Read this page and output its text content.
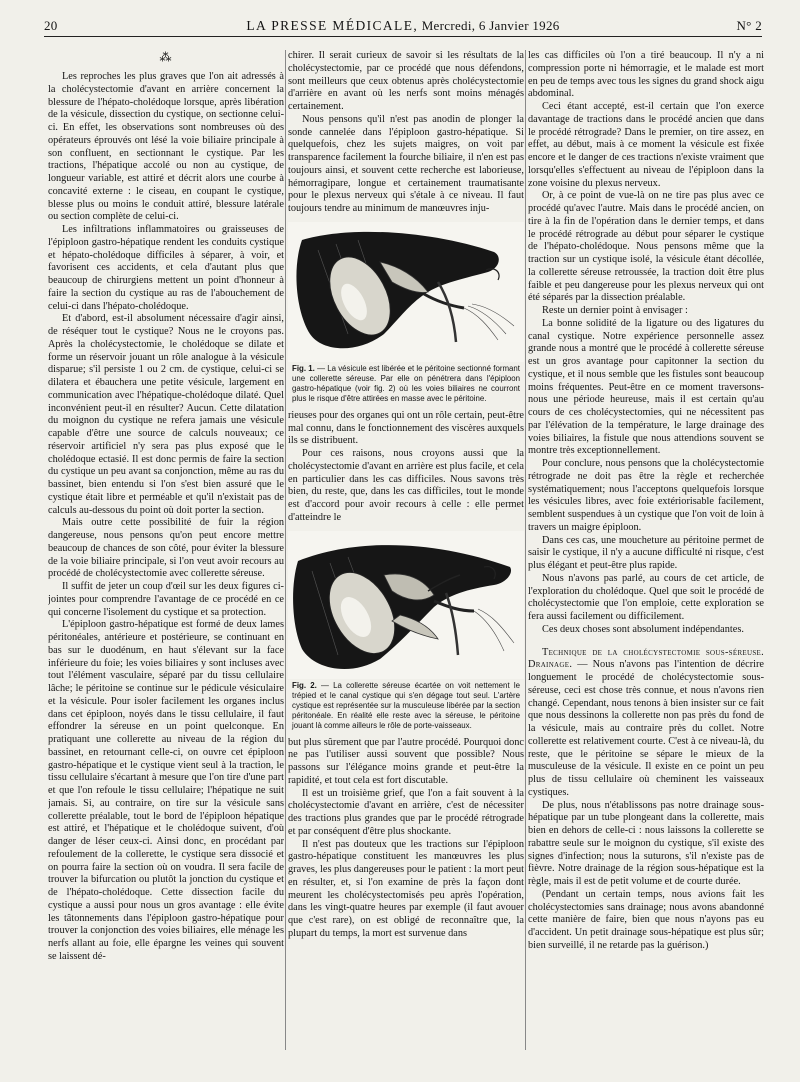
20	LA PRESSE MÉDICALE, Mercredi, 6 Janvier 1926	N° 2
⁂

Les reproches les plus graves que l'on ait adressés à la cholécystectomie d'avant en arrière concernent la blessure de l'hépato-cholédoque lorsque, après libération de la vésicule, dissection du cystique, on sectionne celui-ci. En effet, les observations sont nombreuses où des opérateurs éprouvés ont lésé la voie biliaire principale à son confluent, en sectionnant le cystique. Par les tractions, l'hépatique accolé ou non au cystique, de longueur variable, est attiré et décrit alors une courbe à concavité externe : le ciseau, en coupant le cystique, blesse plus ou moins le conduit attiré, blessure latérale ou section complète de celui-ci.

Les infiltrations inflammatoires ou graisseuses de l'épiploon gastro-hépatique rendent les conduits cystique et hépato-cholédoque difficiles à séparer, à voir, et favorisent ces accidents, et cela d'autant plus que beaucoup de chirurgiens mettent un point d'honneur à faire la section du cystique au ras de l'abouchement de celui-ci dans l'hépato-cholédoque.

Et d'abord, est-il absolument nécessaire d'agir ainsi, de réséquer tout le cystique? Nous ne le croyons pas. Après la cholécystectomie, le cholédoque se dilate et forme un réservoir jouant un rôle analogue à la vésicule disparue; s'il persiste 1 ou 2 cm. de cystique, celui-ci se dilatera et ébauchera une petite vésicule, largement en communication avec l'hépatique-cholédoque dilaté. Quel inconvénient peut-il en résulter? Aucun. Cette dilatation du moignon du cystique ne refera jamais une vésicule capable d'être une source de calculs nouveaux; ce réservoir artificiel n'y sera pas plus exposé que le cholédoque ectasié. Il est donc permis de faire la section du cystique un peu avant sa conjonction, même au ras du bassinet, bien entendu si l'on s'est bien assuré que le cystique était libre et perméable et qu'il n'existait pas de calculs au-dessous du point où doit porter la section.

Mais outre cette possibilité de fuir la région dangereuse, nous pensons qu'on peut encore mettre beaucoup de chances de son côté, pour éviter la blessure de la voie biliaire principale, si l'on veut avoir recours au procédé de cholécystectomie avec collerette séreuse.

Il suffit de jeter un coup d'œil sur les deux figures ci-jointes pour comprendre l'avantage de ce procédé en ce qui concerne l'isolement du cystique et sa protection.

L'épiploon gastro-hépatique est formé de deux lames péritonéales, antérieure et postérieure, se continuant en bas sur le duodénum, en haut s'élevant sur la face inférieure du foie; les voies biliaires y sont incluses avec tout l'élément vasculaire, séparé par du tissu cellulaire lâche; le péritoine se continue sur le pédicule vésiculaire et la vésicule. Pour isoler facilement les organes inclus dans cet épiploon, noyés dans le tissu cellulaire, il faut effondrer la séreuse en un point quelconque. En pratiquant une collerette au niveau de la région du bassinet, en retournant celle-ci, on ouvre cet épiploon gastro-hépatique et le cystique vient seul à la traction, le tissu cellulaire s'écartant à mesure que l'on tire d'une part et que l'on refoule le tissu cellulaire; l'hépatique ne suit jamais. Si, au contraire, on tire sur la vésicule sans collerette préalable, tout le bord de l'épiploon hépatique est attiré, et l'hépatique et le cholédoque suivent, d'où danger de léser ceux-ci. Ainsi donc, en procédant par refoulement de la collerette, le cystique sera dissocié et on pourra faire la section où on voudra. Il sera facile de trouver la bifurcation ou plutôt la jonction du cystique et de l'hépato-cholédoque. Cette dissection facile du cystique a aussi pour nous un gros avantage : elle évite les tâtonnements dans l'épiploon gastro-hépatique pour trouver la conjonction des voies biliaires, elle ménage les nerfs allant au foie, elle épargne les veines qui souvent se laissent dé-

chirer. Il serait curieux de savoir si les résultats de la cholécystectomie, par ce procédé que nous défendons, sont meilleurs que ceux obtenus après cholécystectomie d'arrière en avant où les nerfs sont moins ménagés certainement.

Nous pensons qu'il n'est pas anodin de plonger la sonde cannelée dans l'épiploon gastro-hépatique. Si quelquefois, chez les sujets maigres, on voit par transparence facilement la fourche biliaire, il n'en est pas toujours ainsi, et souvent cette recherche est laborieuse, hémorragipare, longue et certainement traumatisante pour le plexus nerveux qui s'étale à ce niveau. Il faut toujours tendre au minimum de manœuvres inju-

Fig. 1. — La vésicule est libérée et le péritoine sectionné formant une collerette séreuse. Par elle on pénétrera dans l'épiploon gastro-hépatique (voir fig. 2) où les voies biliaires ne courront plus le risque d'être attirées en masse avec le péritoine.

rieuses pour des organes qui ont un rôle certain, peut-être mal connu, dans le fonctionnement des viscères auxquels ils se distribuent.

Pour ces raisons, nous croyons aussi que la cholécystectomie d'avant en arrière est plus facile, et cela en particulier dans les cas difficiles. Nous savons très bien, du reste, que, dans les cas difficiles, tout le monde est d'accord pour avoir recours à celle : elle permet d'atteindre le

Fig. 2. — La collerette séreuse écartée on voit nettement le trépied et le canal cystique qui s'en dégage tout seul. L'artère cystique est représentée sur la musculeuse libérée par la section péritonéale. En réalité elle reste avec la séreuse, le péritoine jouant là comme ailleurs le rôle de porte-vaisseaux.

but plus sûrement que par l'autre procédé. Pourquoi donc ne pas l'utiliser aussi souvent que possible? Nous passons sur l'élégance moins grande et peut-être la rapidité, et tout cela est fort discutable.

Il est un troisième grief, que l'on a fait souvent à la cholécystectomie d'avant en arrière, c'est de nécessiter des tractions plus grandes que par le procédé rétrograde et par conséquent d'être plus shockante.

Il n'est pas douteux que les tractions sur l'épiploon gastro-hépatique constituent les manœuvres les plus graves, les plus dangereuses pour le patient : la mort peut en résulter, et, si l'on examine de près la façon dont meurent les cholécystectomisés peu après l'opération, dans les vingt-quatre heures par exemple (il faut avouer que c'est rare), on est obligé de reconnaître que, la plupart du temps, la mort est survenue dans

les cas difficiles où l'on a tiré beaucoup. Il n'y a ni compression porte ni hémorragie, et le malade est mort en peu de temps avec tous les signes du grand shock aigu abdominal.

Ceci étant accepté, est-il certain que l'on exerce davantage de tractions dans le procédé ancien que dans le procédé rétrograde? Dans le premier, on tire assez, en effet, au début, mais à ce moment la vésicule est fixée encore et le danger de ces tractions n'existe vraiment que lorsqu'elles s'effectuent au niveau de l'épiploon dans la zone voisine du plexus nerveux.

Or, à ce point de vue-là on ne tire pas plus avec ce procédé qu'avec l'autre. Mais dans le procédé ancien, on tire à la fin de l'opération dans le dernier temps, et dans le procédé rétrograde au début pour séparer le cystique de l'hépato-cholédoque. Nous pensons même que la traction sur un cystique isolé, la vésicule étant décollée, la collerette séreuse retroussée, la traction doit être plus faible et peu dangereuse pour les plexus nerveux qui ont été séparés par la dissection préalable.

Reste un dernier point à envisager :

La bonne solidité de la ligature ou des ligatures du canal cystique. Notre expérience personnelle assez grande nous a montré que le procédé à collerette séreuse est un gros avantage pour capitonner la section du cystique, et il nous semble que les fistules sont beaucoup moins fréquentes. Peut-être en ce moment traversons-nous une période heureuse, mais il est certain qu'au cours de ces cholécystectomies, qui ne nécessitent pas par l'élévation de la température, le large drainage des voies biliaires, la fistule que nous attendions souvent se montre très exceptionnellement.

Pour conclure, nous pensons que la cholécystectomie rétrograde ne doit pas être la règle et recherchée systématiquement; nous l'acceptons quelquefois lorsque les vésicules libres, avec foie extériorisable facilement, semblent suspendues à un cystique que l'on voit de loin à travers un maigre épiploon.

Dans ces cas, une moucheture au péritoine permet de saisir le cystique, il n'y a aucune difficulté ni risque, c'est plus élégant et peut-être plus rapide.

Nous n'avons pas parlé, au cours de cet article, de l'exploration du cholédoque. Quel que soit le procédé de cholécystectomie que l'on emploie, cette exploration se fera aussi facilement ou difficilement.

Ces deux choses sont absolument indépendantes.

Technique de la cholécystectomie sous-séreuse. Drainage. — Nous n'avons pas l'intention de décrire longuement le procédé de cholécystectomie sous-séreuse, ceci est chose très connue, et nous n'avons rien changé. Cependant, nous tenons à bien insister sur ce fait que nous dessinons la collerette non pas près du fond de la vésicule, mais au contraire près du collet. Notre collerette est relativement courte. C'est à ce niveau-là, du reste, que le péritoine se sépare le mieux de la musculeuse de la vésicule. Il existe en ce point un peu plus de tissu cellulaire où cheminent les vaisseaux cystiques.

De plus, nous n'établissons pas notre drainage sous-hépatique par un tube plongeant dans la collerette, mais bien en dehors de celle-ci : nous laissons la collerette se rabattre seule sur le moignon du cystique, s'il existe des signes d'infection; nous la suturons, s'il n'existe pas de fièvre. Notre drainage de la région sous-hépatique est la règle, mais il est de petit volume et de courte durée.

(Pendant un certain temps, nous avions fait les cholécystectomies sans drainage; nous avons abandonné cette manière de faire, bien que nous n'ayons pas eu d'accident. Un petit drainage sous-hépatique est plus sûr; bien surveillé, il ne retarde pas la guérison.)
